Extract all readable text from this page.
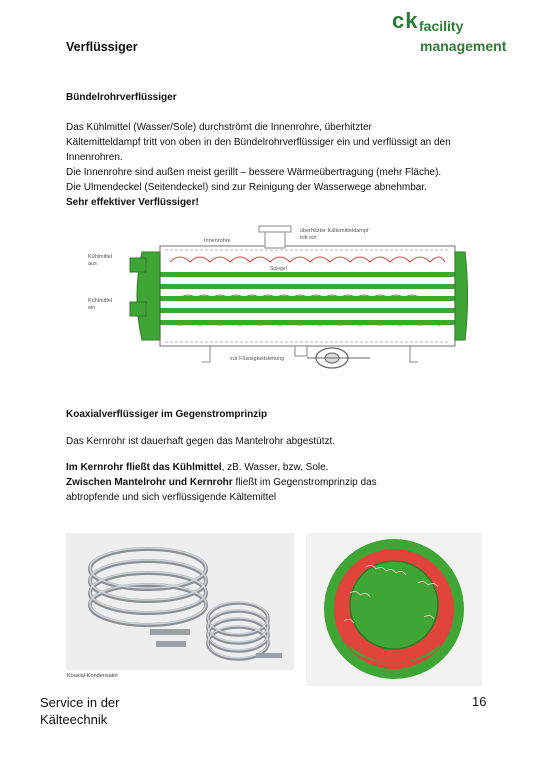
Verflüssiger
ck facility
management
Bündelrohrverflüssiger
Das Kühlmittel (Wasser/Sole) durchströmt die Innenrohre, überhitzter
Kältemitteldampf tritt von oben in den Bündelrohrverflüssiger ein und verflüssigt an den
Innenrohren.
Die Innenrohre sind außen meist gerillt – bessere Wärmeübertragung (mehr Fläche).
Die Ulmendeckel (Seitendeckel) sind zur Reinigung der Wasserwege abnehmbar.
Sehr effektiver Verflüssiger!
Innenrohre
überhitzter Kältemitteldampf
tritt ein
Kühlmittel
aus
Kühlmittel
ein
Spiegel
zur Flüssigkeitsleitung
Koaxialverflüssiger im Gegenstromprinzip
Das Kernrohr ist dauerhaft gegen das Mantelrohr abgestützt.
Im Kernrohr fließt das Kühlmittel, zB. Wasser, bzw. Sole.
Zwischen Mantelrohr und Kernrohr fließt im Gegenstromprinzip das
abtropfende und sich verflüssigende Kältemittel
Koaxial-Kondensator
Service in der
Kälteechnik
16
